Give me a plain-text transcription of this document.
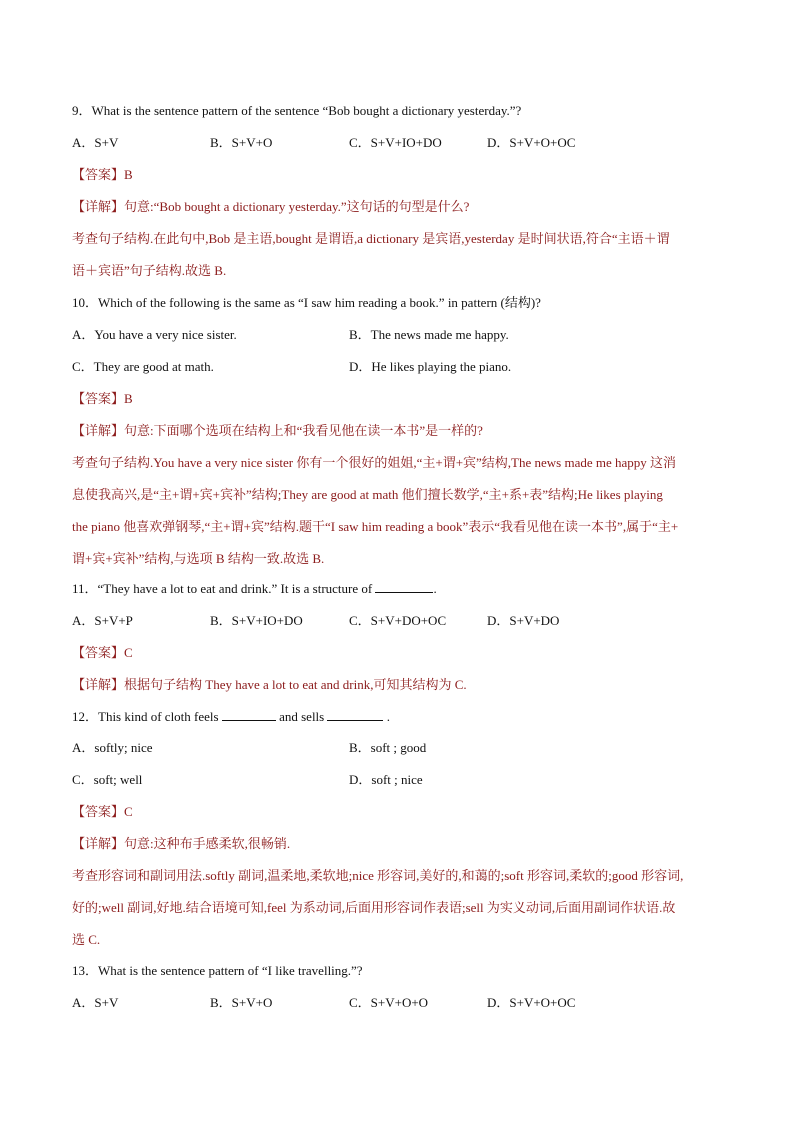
9．What is the sentence pattern of the sentence “Bob bought a dictionary yesterday.”?
A．S+V	B．S+V+O	C．S+V+IO+DO	D．S+V+O+OC
【答案】B
【详解】句意:“Bob bought a dictionary yesterday.”这句话的句型是什么?
考查句子结构.在此句中,Bob 是主语,bought 是谓语,a dictionary 是宾语,yesterday 是时间状语,符合“主语＋谓
语＋宾语”句子结构.故选 B.
10．Which of the following is the same as “I saw him reading a book.” in pattern (结构)?
A．You have a very nice sister.	B．The news made me happy.
C．They are good at math.	D．He likes playing the piano.
【答案】B
【详解】句意:下面哪个选项在结构上和“我看见他在读一本书”是一样的?
考查句子结构.You have a very nice sister 你有一个很好的姐姐,“主+谓+宾”结构,The news made me happy 这消
息使我高兴,是“主+谓+宾+宾补”结构;They are good at math 他们擅长数学,“主+系+表”结构;He likes playing
the piano 他喜欢弹钢琴,“主+谓+宾”结构.题干“I saw him reading a book”表示“我看见他在读一本书”,属于“主+
谓+宾+宾补”结构,与选项 B 结构一致.故选 B.
11．“They have a lot to eat and drink.” It is a structure of	.
A．S+V+P	B．S+V+IO+DO	C．S+V+DO+OC	D．S+V+DO
【答案】C
【详解】根据句子结构 They have a lot to eat and drink,可知其结构为 C.
12．This kind of cloth feels	and sells	.
A．softly; nice	B．soft ; good
C．soft; well	D．soft ; nice
【答案】C
【详解】句意:这种布手感柔软,很畅销.
考查形容词和副词用法.softly 副词,温柔地,柔软地;nice 形容词,美好的,和蔼的;soft 形容词,柔软的;good 形容词,
好的;well 副词,好地.结合语境可知,feel 为系动词,后面用形容词作表语;sell 为实义动词,后面用副词作状语.故
选 C.
13．What is the sentence pattern of “I like travelling.”?
A．S+V	B．S+V+O	C．S+V+O+O	D．S+V+O+OC
